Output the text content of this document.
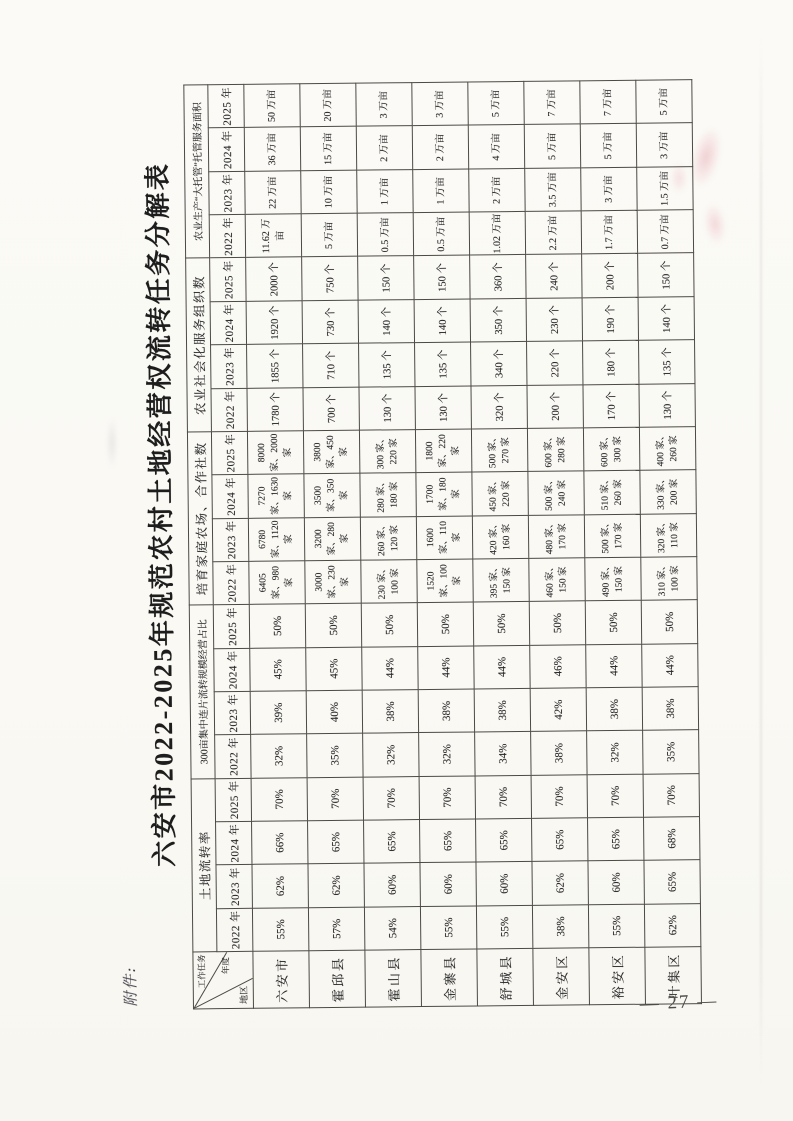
附件:
六安市2022-2025年规范农村土地经营权流转任务分解表
工作任务 年度
地区	土地流转率				300亩集中连片流转规模经营占比				培育家庭农场、合作社数				农业社会化服务组织数				农业生产“大托管”托管服务面积			
	2022 年	2023 年	2024 年	2025 年	2022 年	2023 年	2024 年	2025 年	2022 年	2023 年	2024 年	2025 年	2022 年	2023 年	2024 年	2025 年	2022 年	2023 年	2024 年	2025 年
六安市	55%	62%	66%	70%	32%	39%	45%	50%	6405 家、980 家	6780 家、1120 家	7270 家、1630 家	8000 家、2000 家	1780 个	1855 个	1920 个	2000 个	11.62 万亩	22 万亩	36 万亩	50 万亩
霍邱县	57%	62%	65%	70%	35%	40%	45%	50%	3000 家、230 家	3200 家、280 家	3500 家、350 家	3800 家、450 家	700 个	710 个	730 个	750 个	5 万亩	10 万亩	15 万亩	20 万亩
霍山县	54%	60%	65%	70%	32%	38%	44%	50%	230 家、100 家	260 家、120 家	280 家、180 家	300 家、220 家	130 个	135 个	140 个	150 个	0.5 万亩	1 万亩	2 万亩	3 万亩
金寨县	55%	60%	65%	70%	32%	38%	44%	50%	1520 家、100 家	1600 家、110 家	1700 家、180 家	1800 家、220 家	130 个	135 个	140 个	150 个	0.5 万亩	1 万亩	2 万亩	3 万亩
舒城县	55%	60%	65%	70%	34%	38%	44%	50%	395 家、150 家	420 家、160 家	450 家、220 家	500 家、270 家	320 个	340 个	350 个	360 个	1.02 万亩	2 万亩	4 万亩	5 万亩
金安区	38%	62%	65%	70%	38%	42%	46%	50%	460 家、150 家	480 家、170 家	500 家、240 家	600 家、280 家	200 个	220 个	230 个	240 个	2.2 万亩	3.5 万亩	5 万亩	7 万亩
裕安区	55%	60%	65%	70%	32%	38%	44%	50%	490 家、150 家	500 家、170 家	510 家、260 家	600 家、300 家	170 个	180 个	190 个	200 个	1.7 万亩	3 万亩	5 万亩	7 万亩
叶集区	62%	65%	68%	70%	35%	38%	44%	50%	310 家、100 家	320 家、110 家	330 家、200 家	400 家、260 家	130 个	135 个	140 个	150 个	0.7 万亩	1.5 万亩	3 万亩	5 万亩
— 27 —
